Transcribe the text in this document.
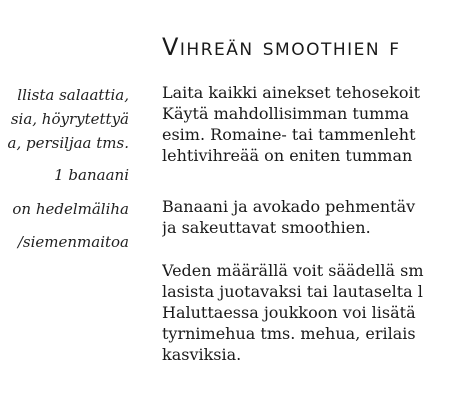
llista salaattia,
sia, höyrytettyä
a, persiljaa tms.
1 banaani
on hedelmäliha
/siemenmaitoa
Vihreän smoothien f
Laita kaikki ainekset tehosekoit
Käytä mahdollisimman tumma
esim. Romaine- tai tammenleht
lehtivihreää on eniten tumman
Banaani ja avokado pehmentäv
ja sakeuttavat smoothien.
Veden määrällä voit säädellä sm
lasista juotavaksi tai lautaselta l
Haluttaessa joukkoon voi lisätä
tyrnimehua tms. mehua, erilais
kasviksia.
